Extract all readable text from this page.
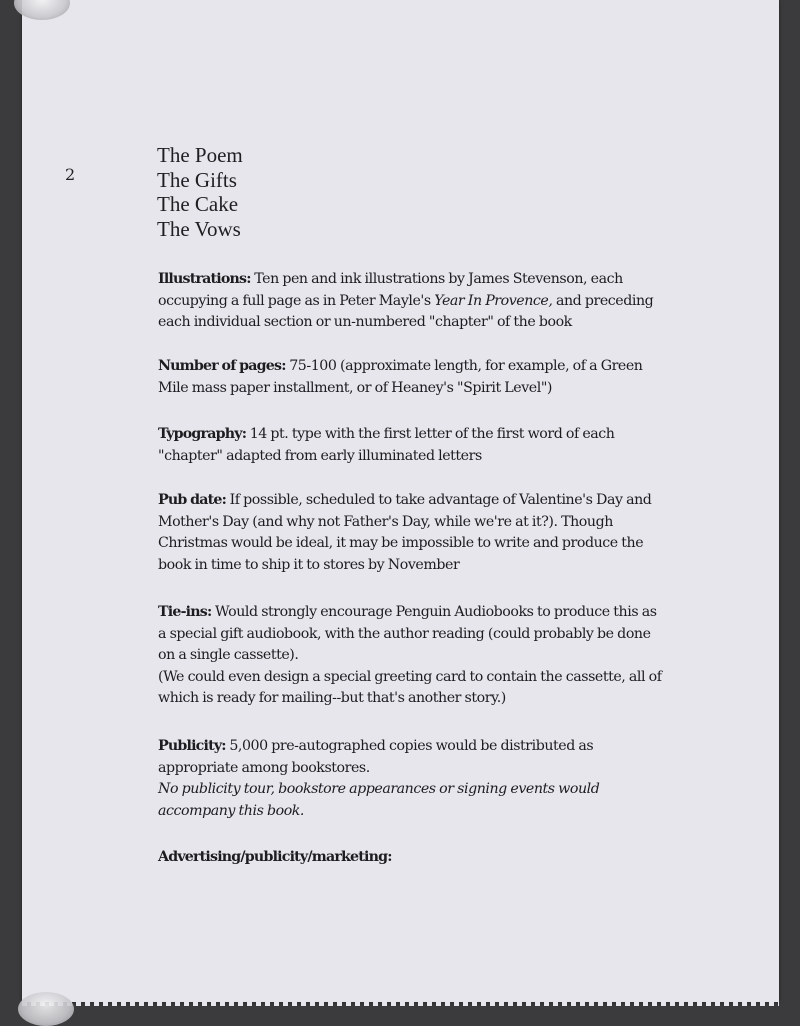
2
The Poem
The Gifts
The Cake
The Vows

Illustrations: Ten pen and ink illustrations by James Stevenson, each occupying a full page as in Peter Mayle's Year In Provence, and preceding each individual section or un-numbered "chapter" of the book

Number of pages: 75-100 (approximate length, for example, of a Green Mile mass paper installment, or of Heaney's "Spirit Level")

Typography: 14 pt. type with the first letter of the first word of each "chapter" adapted from early illuminated letters

Pub date: If possible, scheduled to take advantage of Valentine's Day and Mother's Day (and why not Father's Day, while we're at it?). Though Christmas would be ideal, it may be impossible to write and produce the book in time to ship it to stores by November

Tie-ins: Would strongly encourage Penguin Audiobooks to produce this as a special gift audiobook, with the author reading (could probably be done on a single cassette).

(We could even design a special greeting card to contain the cassette, all of which is ready for mailing--but that's another story.)

Publicity: 5,000 pre-autographed copies would be distributed as appropriate among bookstores.

No publicity tour, bookstore appearances or signing events would accompany this book.

Advertising/publicity/marketing:
